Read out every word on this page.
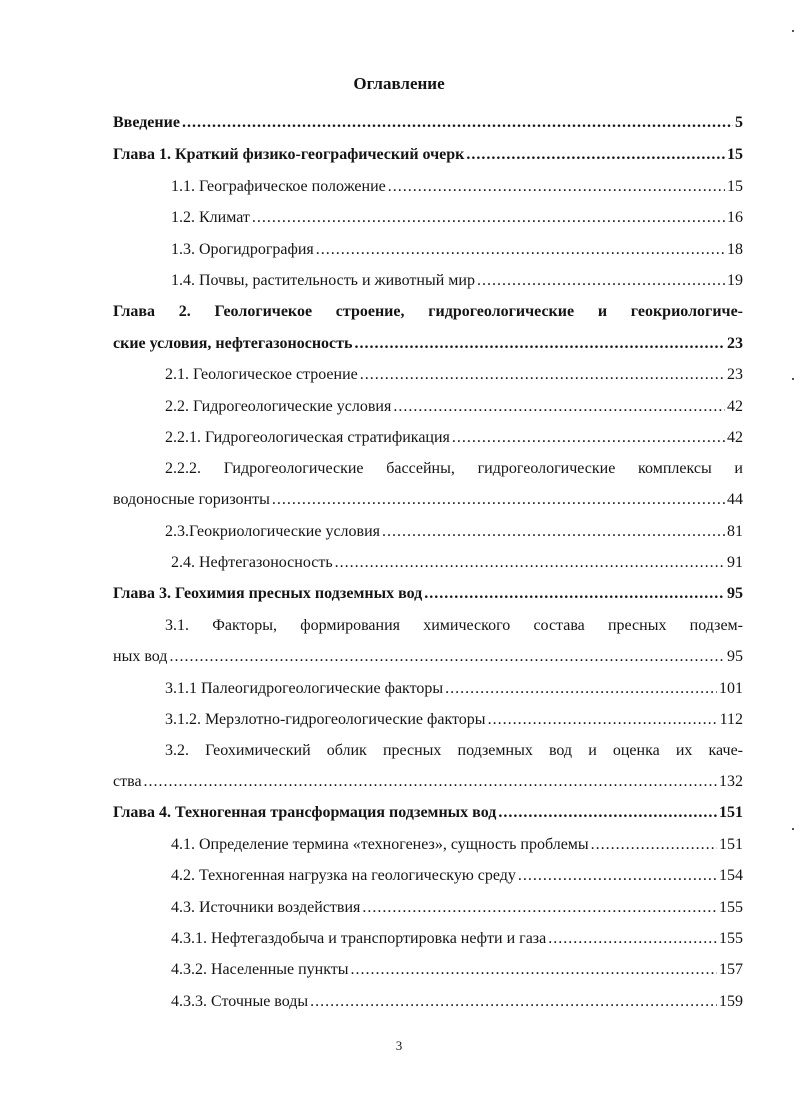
Оглавление
Введение .....	5
Глава 1. Краткий физико-географический очерк .....	15
1.1. Географическое положение .....	15
1.2. Климат .....	16
1.3. Орогидрография .....	18
1.4. Почвы, растительность и животный мир .....	19
Глава 2. Геологичекое строение, гидрогеологические и геокриологиче-
ские условия, нефтегазоносность .....	23
2.1. Геологическое строение .....	23
2.2. Гидрогеологические условия .....	42
2.2.1. Гидрогеологическая стратификация .....	42
2.2.2. Гидрогеологические бассейны, гидрогеологические комплексы и
водоносные горизонты .....	44
2.3.Геокриологические условия .....	81
2.4. Нефтегазоносность .....	91
Глава 3. Геохимия пресных подземных вод .....	95
3.1. Факторы, формирования химического состава пресных подзем-
ных вод .....	95
3.1.1 Палеогидрогеологические факторы .....	101
3.1.2. Мерзлотно-гидрогеологические факторы .....	112
3.2. Геохимический облик пресных подземных вод и оценка их каче-
ства .....	132
Глава 4. Техногенная трансформация подземных вод .....	151
4.1. Определение термина «техногенез», сущность проблемы .....	151
4.2. Техногенная нагрузка на геологическую среду .....	154
4.3. Источники воздействия .....	155
4.3.1. Нефтегаздобыча и транспортировка нефти и газа .....	155
4.3.2. Населенные пункты .....	157
4.3.3. Сточные воды .....	159
3
